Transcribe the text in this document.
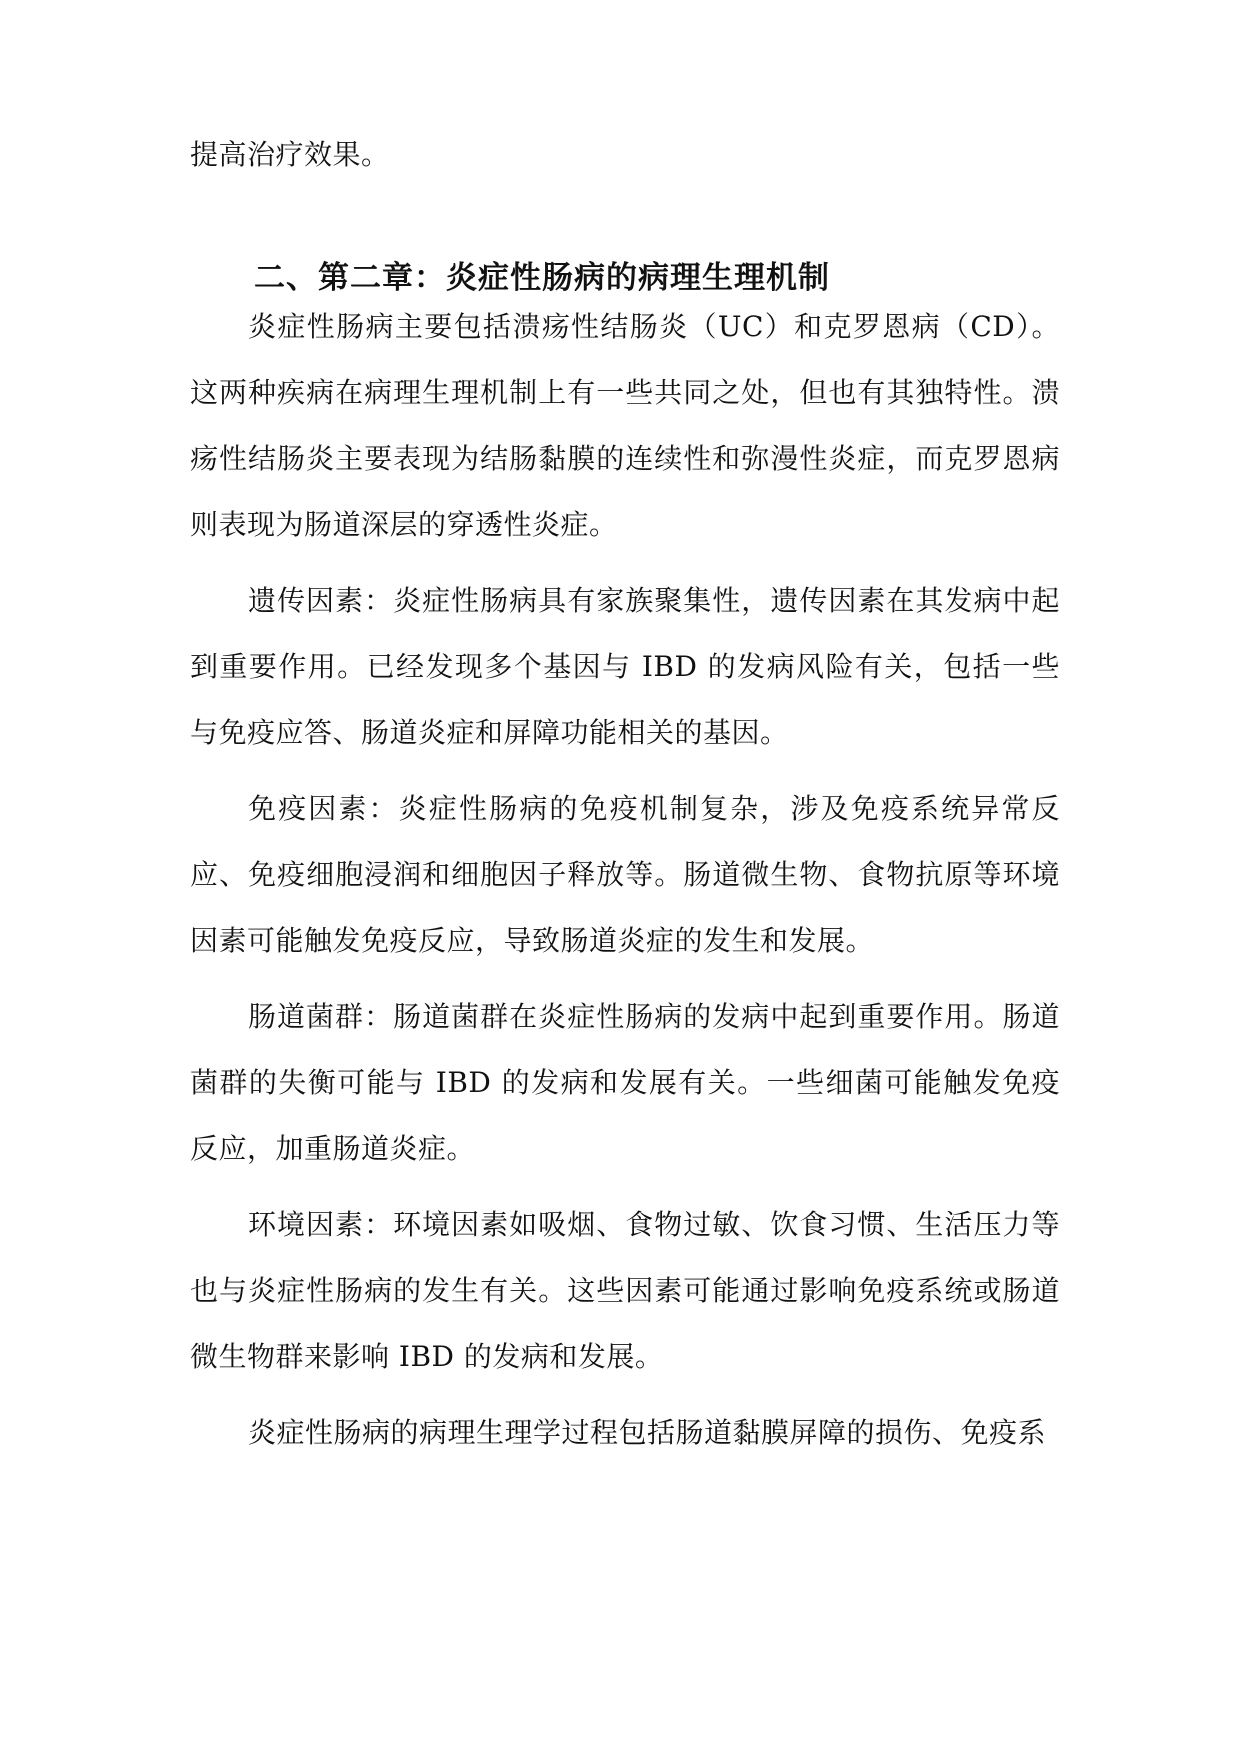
提高治疗效果。

二、第二章：炎症性肠病的病理生理机制

炎症性肠病主要包括溃疡性结肠炎（UC）和克罗恩病（CD）。这两种疾病在病理生理机制上有一些共同之处，但也有其独特性。溃疡性结肠炎主要表现为结肠黏膜的连续性和弥漫性炎症，而克罗恩病则表现为肠道深层的穿透性炎症。

遗传因素：炎症性肠病具有家族聚集性，遗传因素在其发病中起到重要作用。已经发现多个基因与 IBD 的发病风险有关，包括一些与免疫应答、肠道炎症和屏障功能相关的基因。

免疫因素：炎症性肠病的免疫机制复杂，涉及免疫系统异常反应、免疫细胞浸润和细胞因子释放等。肠道微生物、食物抗原等环境因素可能触发免疫反应，导致肠道炎症的发生和发展。

肠道菌群：肠道菌群在炎症性肠病的发病中起到重要作用。肠道菌群的失衡可能与 IBD 的发病和发展有关。一些细菌可能触发免疫反应，加重肠道炎症。

环境因素：环境因素如吸烟、食物过敏、饮食习惯、生活压力等也与炎症性肠病的发生有关。这些因素可能通过影响免疫系统或肠道微生物群来影响 IBD 的发病和发展。

炎症性肠病的病理生理学过程包括肠道黏膜屏障的损伤、免疫系
